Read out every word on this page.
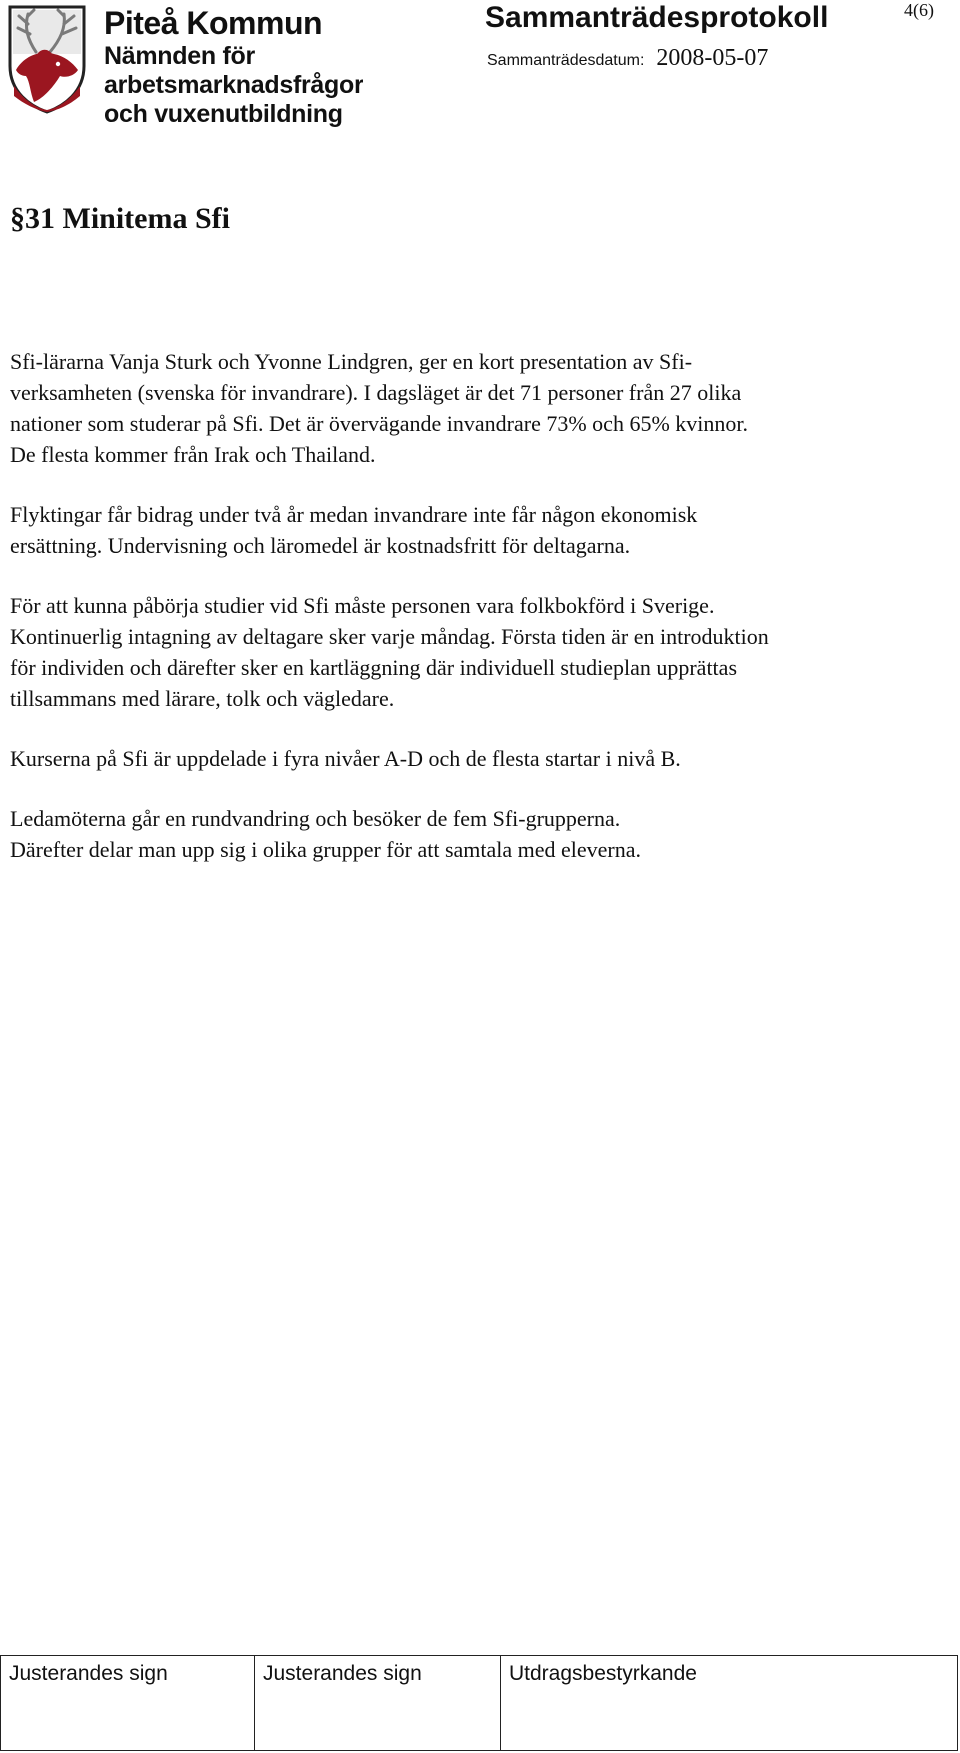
Piteå Kommun
Nämnden för
arbetsmarknadsfrågor
och vuxenutbildning
Sammanträdesprotokoll	4(6)
Sammanträdesdatum: 2008-05-07
§31 Minitema Sfi

Sfi-lärarna Vanja Sturk och Yvonne Lindgren, ger en kort presentation av Sfi-
verksamheten (svenska för invandrare). I dagsläget är det 71 personer från 27 olika
nationer som studerar på Sfi. Det är övervägande invandrare 73% och 65% kvinnor.
De flesta kommer från Irak och Thailand.

Flyktingar får bidrag under två år medan invandrare inte får någon ekonomisk
ersättning. Undervisning och läromedel är kostnadsfritt för deltagarna.

För att kunna påbörja studier vid Sfi måste personen vara folkbokförd i Sverige.
Kontinuerlig intagning av deltagare sker varje måndag. Första tiden är en introduktion
för individen och därefter sker en kartläggning där individuell studieplan upprättas
tillsammans med lärare, tolk och vägledare.

Kurserna på Sfi är uppdelade i fyra nivåer A-D och de flesta startar i nivå B.

Ledamöterna går en rundvandring och besöker de fem Sfi-grupperna.
Därefter delar man upp sig i olika grupper för att samtala med eleverna.

Justerandes sign	Justerandes sign	Utdragsbestyrkande
